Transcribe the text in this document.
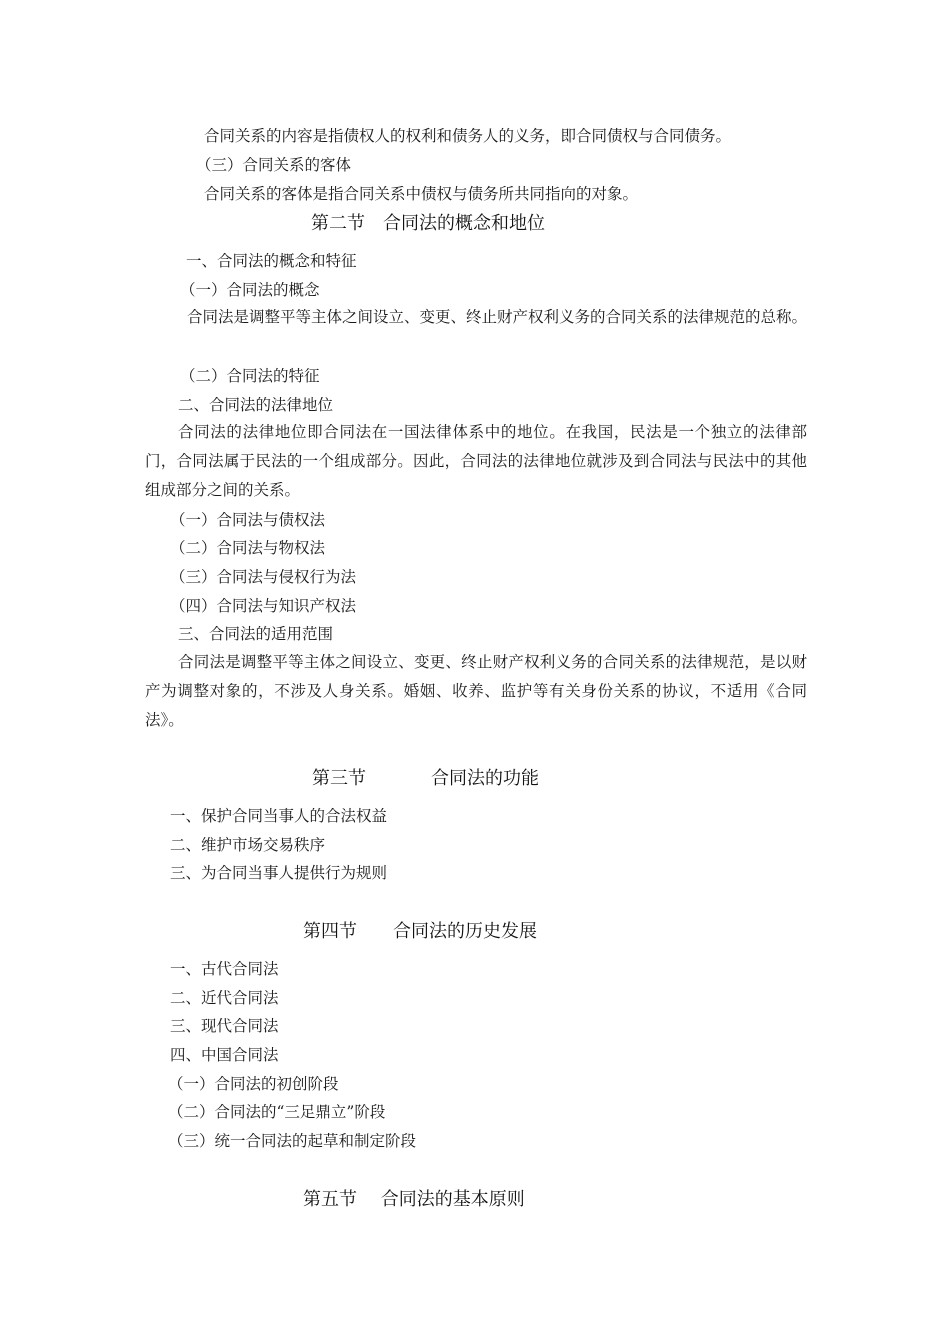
合同关系的内容是指债权人的权利和债务人的义务，即合同债权与合同债务。
（三）合同关系的客体
合同关系的客体是指合同关系中债权与债务所共同指向的对象。
第二节　合同法的概念和地位
一、合同法的概念和特征
（一）合同法的概念
合同法是调整平等主体之间设立、变更、终止财产权利义务的合同关系的法律规范的总称。
（二）合同法的特征
二、合同法的法律地位
合同法的法律地位即合同法在一国法律体系中的地位。在我国，民法是一个独立的法律部门，合同法属于民法的一个组成部分。因此，合同法的法律地位就涉及到合同法与民法中的其他组成部分之间的关系。
（一）合同法与债权法
（二）合同法与物权法
（三）合同法与侵权行为法
（四）合同法与知识产权法
三、合同法的适用范围
合同法是调整平等主体之间设立、变更、终止财产权利义务的合同关系的法律规范，是以财产为调整对象的，不涉及人身关系。婚姻、收养、监护等有关身份关系的协议，不适用《合同法》。
第三节	合同法的功能
一、保护合同当事人的合法权益
二、维护市场交易秩序
三、为合同当事人提供行为规则
第四节　　合同法的历史发展
一、古代合同法
二、近代合同法
三、现代合同法
四、中国合同法
（一）合同法的初创阶段
（二）合同法的“三足鼎立”阶段
（三）统一合同法的起草和制定阶段
第五节　 合同法的基本原则
